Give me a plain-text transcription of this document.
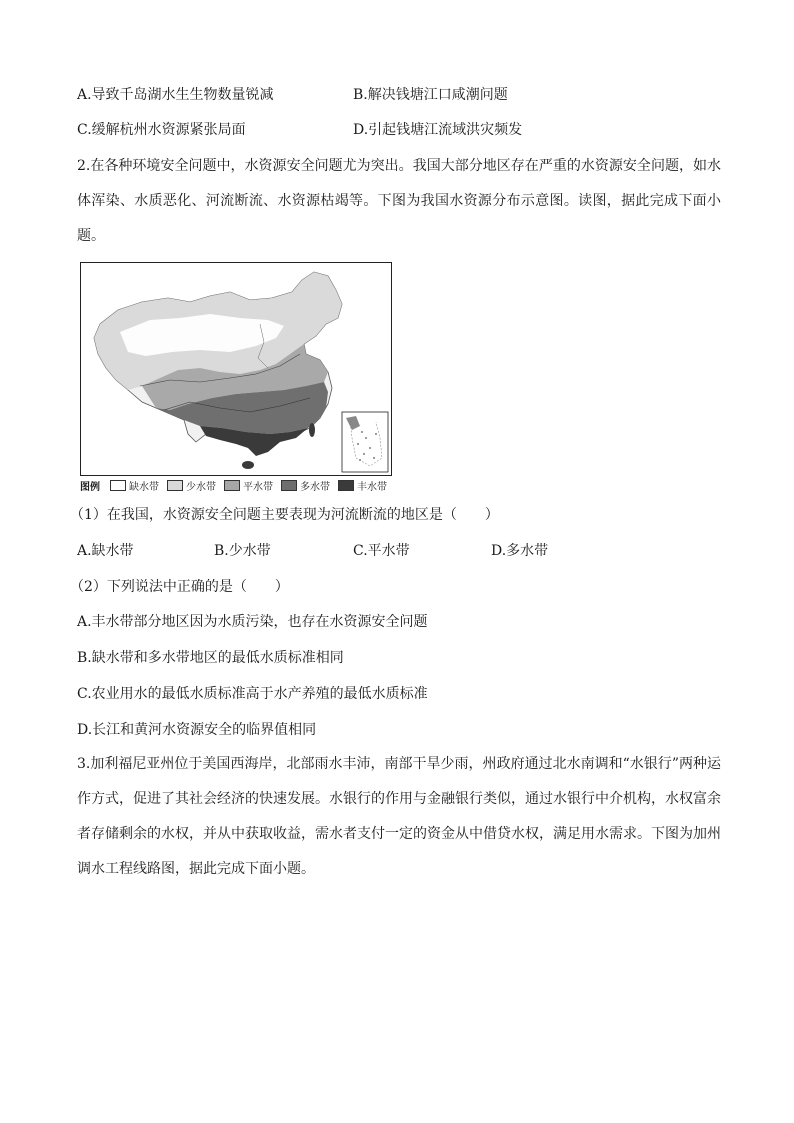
A.导致千岛湖水生生物数量锐减	B.解决钱塘江口咸潮问题
C.缓解杭州水资源紧张局面	D.引起钱塘江流域洪灾频发
2.在各种环境安全问题中，水资源安全问题尤为突出。我国大部分地区存在严重的水资源安全问题，如水体浑染、水质恶化、河流断流、水资源枯竭等。下图为我国水资源分布示意图。读图，据此完成下面小题。
图例	缺水带	少水带	平水带	多水带	丰水带
（1）在我国，水资源安全问题主要表现为河流断流的地区是（　　）
A.缺水带	B.少水带	C.平水带	D.多水带
（2）下列说法中正确的是（　　）
A.丰水带部分地区因为水质污染，也存在水资源安全问题
B.缺水带和多水带地区的最低水质标准相同
C.农业用水的最低水质标准高于水产养殖的最低水质标准
D.长江和黄河水资源安全的临界值相同
3.加利福尼亚州位于美国西海岸，北部雨水丰沛，南部干旱少雨，州政府通过北水南调和“水银行”两种运作方式，促进了其社会经济的快速发展。水银行的作用与金融银行类似，通过水银行中介机构，水权富余者存储剩余的水权，并从中获取收益，需水者支付一定的资金从中借贷水权，满足用水需求。下图为加州调水工程线路图，据此完成下面小题。
